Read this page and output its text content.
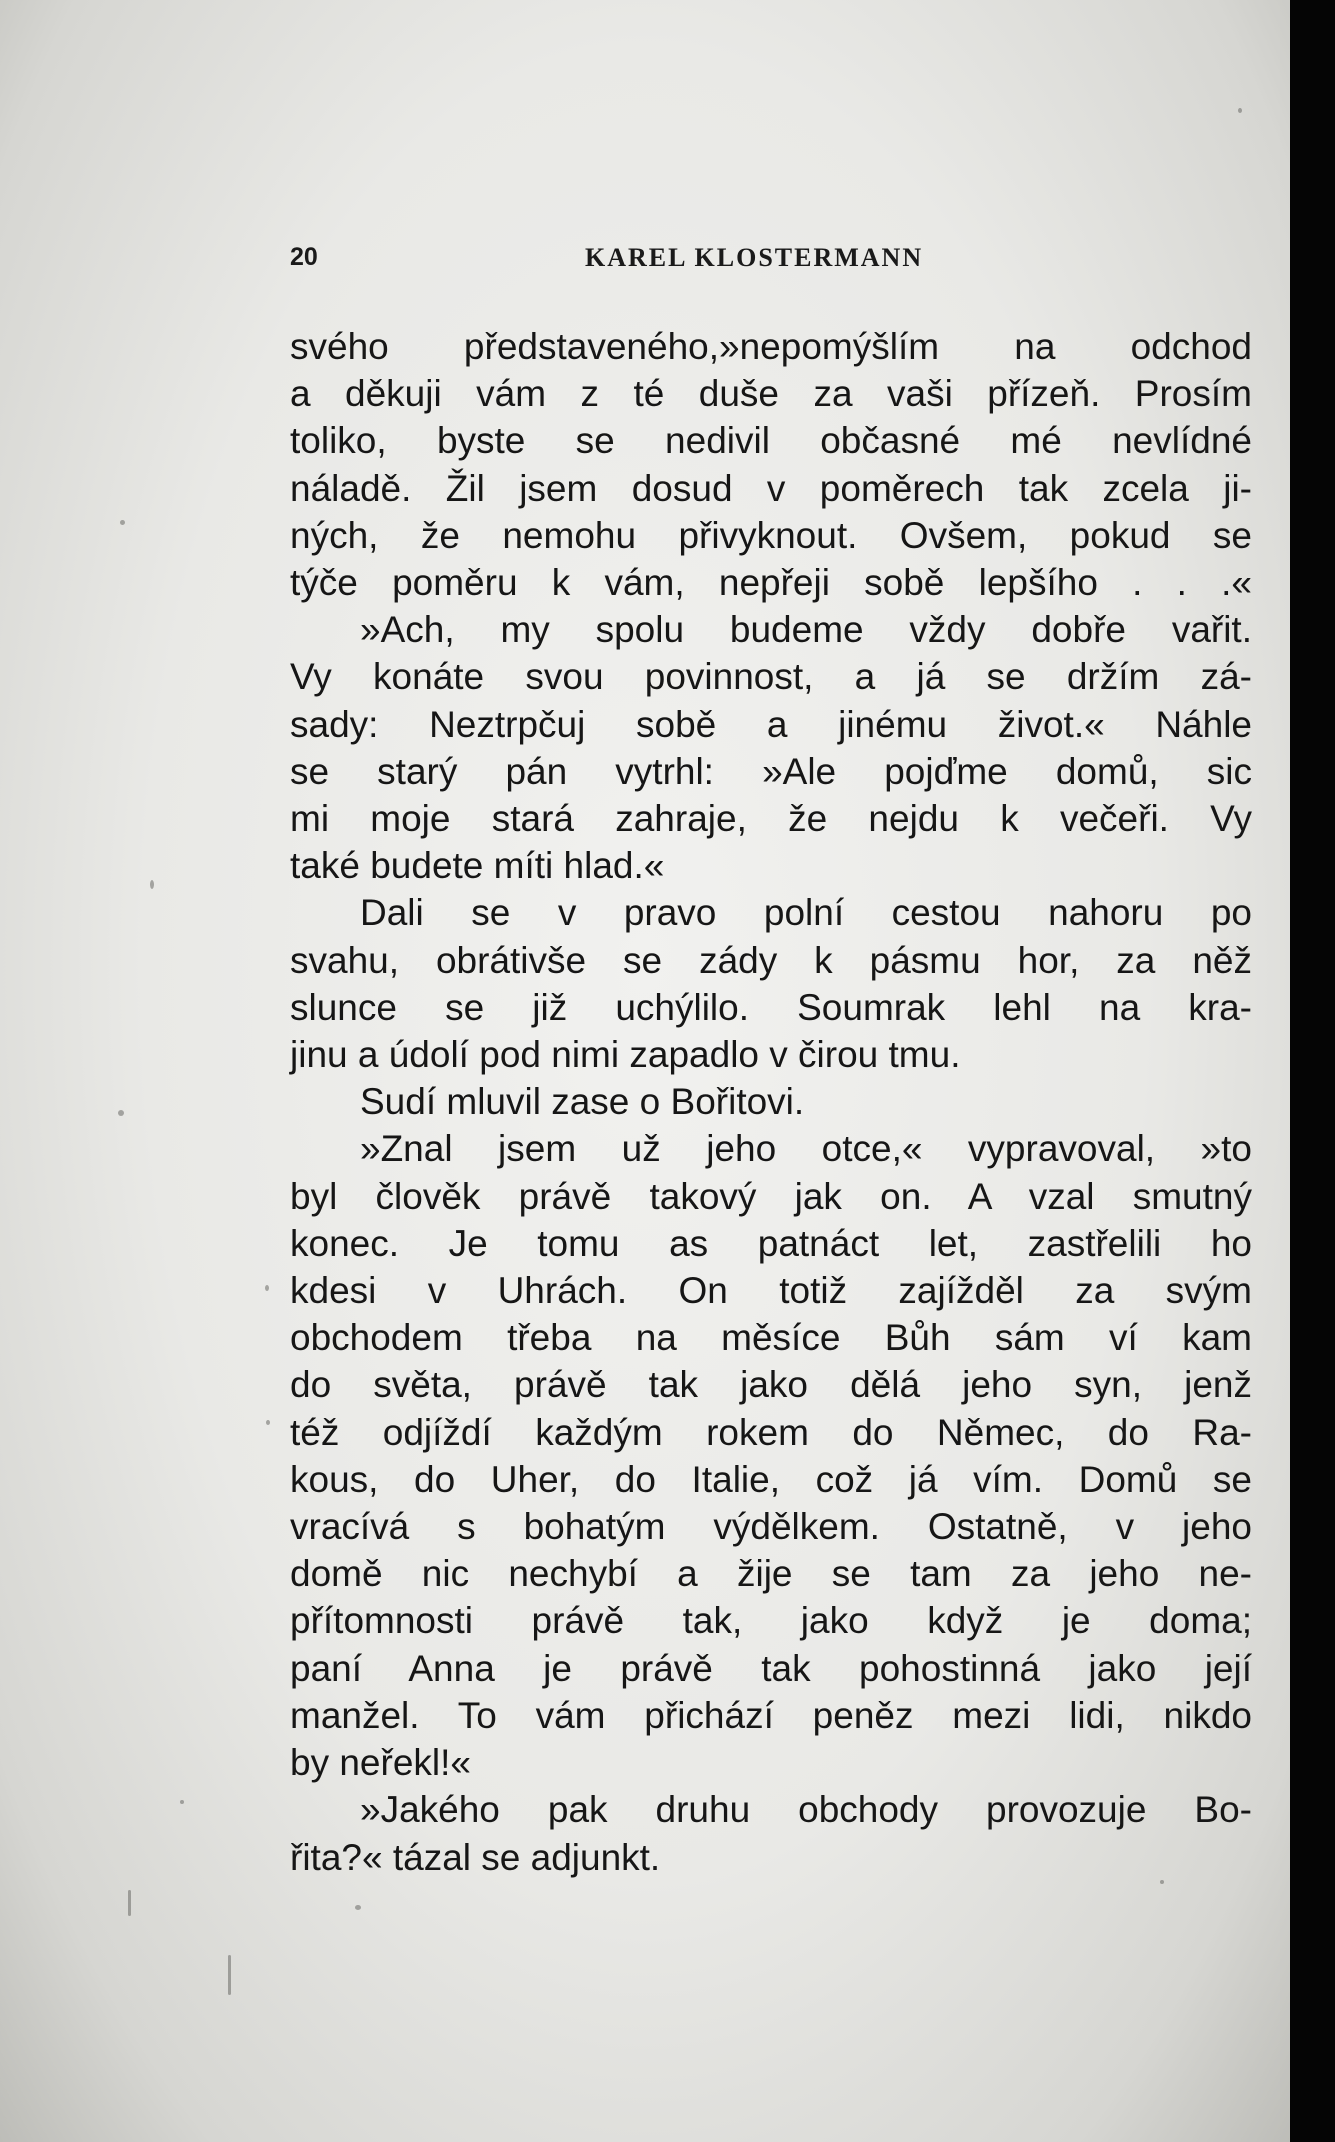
20	KAREL KLOSTERMANN
svého představeného,»nepomýšlím na odchod
a děkuji vám z té duše za vaši přízeň. Prosím
toliko, byste se nedivil občasné mé nevlídné
náladě. Žil jsem dosud v poměrech tak zcela ji-
ných, že nemohu přivyknout. Ovšem, pokud se
týče poměru k vám, nepřeji sobě lepšího . . .«
»Ach, my spolu budeme vždy dobře vařit.
Vy konáte svou povinnost, a já se držím zá-
sady: Neztrpčuj sobě a jinému život.« Náhle
se starý pán vytrhl: »Ale pojďme domů, sic
mi moje stará zahraje, že nejdu k večeři. Vy
také budete míti hlad.«
Dali se v pravo polní cestou nahoru po
svahu, obrátivše se zády k pásmu hor, za něž
slunce se již uchýlilo. Soumrak lehl na kra-
jinu a údolí pod nimi zapadlo v čirou tmu.
Sudí mluvil zase o Bořitovi.
»Znal jsem už jeho otce,« vypravoval, »to
byl člověk právě takový jak on. A vzal smutný
konec. Je tomu as patnáct let, zastřelili ho
kdesi v Uhrách. On totiž zajížděl za svým
obchodem třeba na měsíce Bůh sám ví kam
do světa, právě tak jako dělá jeho syn, jenž
též odjíždí každým rokem do Němec, do Ra-
kous, do Uher, do Italie, což já vím. Domů se
vracívá s bohatým výdělkem. Ostatně, v jeho
domě nic nechybí a žije se tam za jeho ne-
přítomnosti právě tak, jako když je doma;
paní Anna je právě tak pohostinná jako její
manžel. To vám přichází peněz mezi lidi, nikdo
by neřekl!«
»Jakého pak druhu obchody provozuje Bo-
řita?« tázal se adjunkt.
